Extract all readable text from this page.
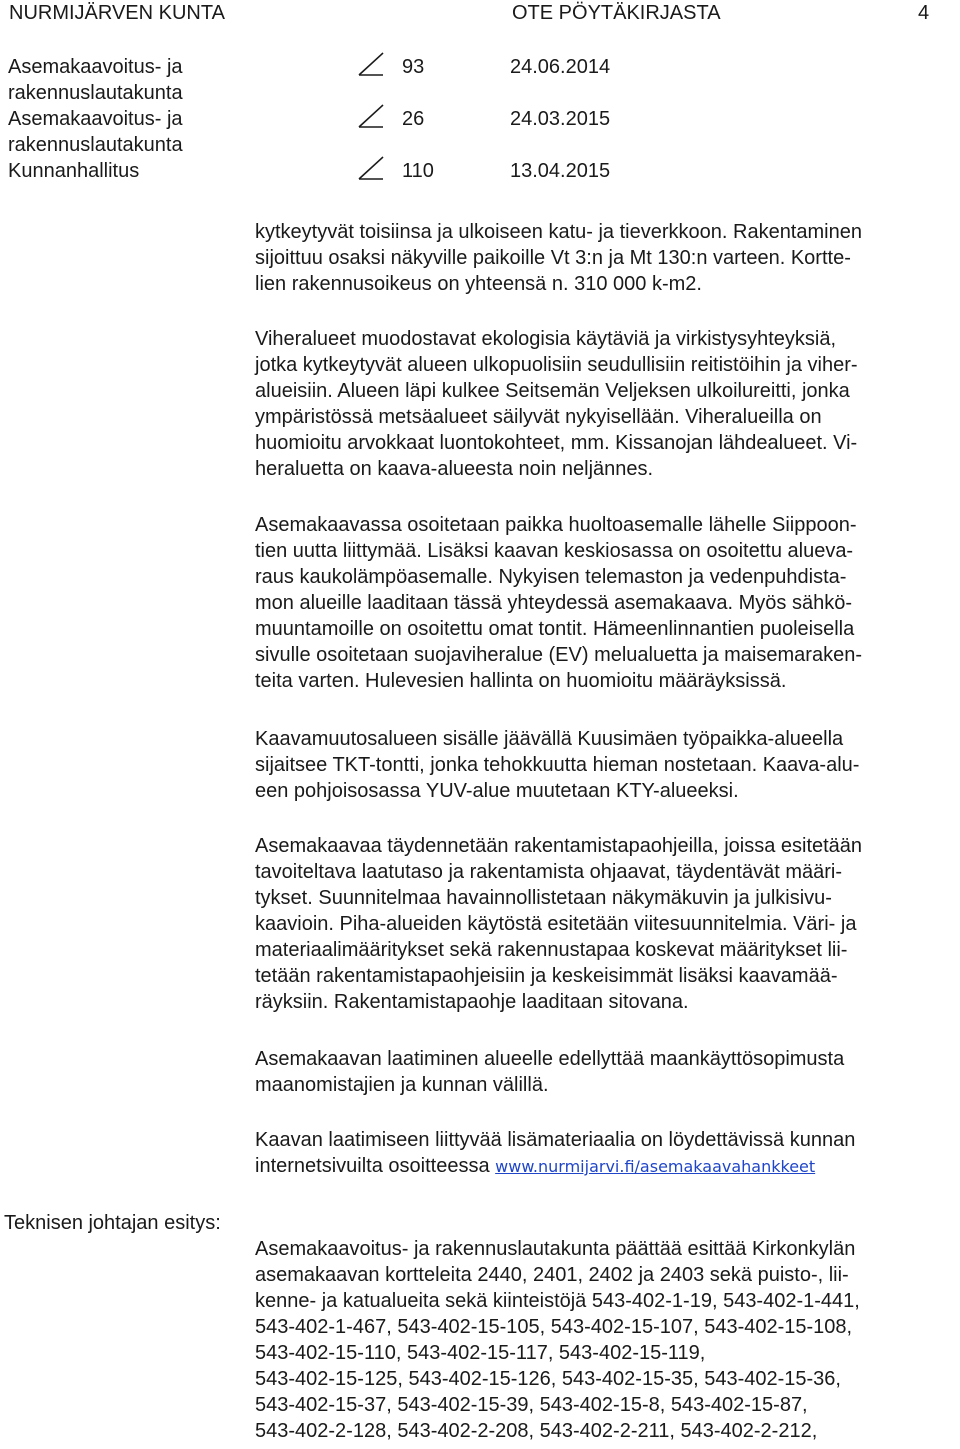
NURMIJÄRVEN KUNTA	OTE PÖYTÄKIRJASTA	4
Asemakaavoitus- ja
rakennuslautakunta
93	24.06.2014
Asemakaavoitus- ja
rakennuslautakunta
26	24.03.2015
Kunnanhallitus	110	13.04.2015
kytkeytyvät toisiinsa ja ulkoiseen katu- ja tieverkkoon. Rakentaminen
sijoittuu osaksi näkyville paikoille Vt 3:n ja Mt 130:n varteen. Kortte-
lien rakennusoikeus on yhteensä n. 310 000 k-m2.
Viheralueet muodostavat ekologisia käytäviä ja virkistysyhteyksiä,
jotka kytkeytyvät alueen ulkopuolisiin seudullisiin reitistöihin ja viher-
alueisiin. Alueen läpi kulkee Seitsemän Veljeksen ulkoilureitti, jonka
ympäristössä metsäalueet säilyvät nykyisellään. Viheralueilla on
huomioitu arvokkaat luontokohteet, mm. Kissanojan lähdealueet. Vi-
heraluetta on kaava-alueesta noin neljännes.
Asemakaavassa osoitetaan paikka huoltoasemalle lähelle Siippoon-
tien uutta liittymää. Lisäksi kaavan keskiosassa on osoitettu alueva-
raus kaukolämpöasemalle. Nykyisen telemaston ja vedenpuhdista-
mon alueille laaditaan tässä yhteydessä asemakaava. Myös sähkö-
muuntamoille on osoitettu omat tontit. Hämeenlinnantien puoleisella
sivulle osoitetaan suojaviheralue (EV) melualuetta ja maisemaraken-
teita varten. Hulevesien hallinta on huomioitu määräyksissä.
Kaavamuutosalueen sisälle jäävällä Kuusimäen työpaikka-alueella
sijaitsee TKT-tontti, jonka tehokkuutta hieman nostetaan. Kaava-alu-
een pohjoisosassa YUV-alue muutetaan KTY-alueeksi.
Asemakaavaa täydennetään rakentamistapaohjeilla, joissa esitetään
tavoiteltava laatutaso ja rakentamista ohjaavat, täydentävät määri-
tykset. Suunnitelmaa havainnollistetaan näkymäkuvin ja julkisivu-
kaavioin. Piha-alueiden käytöstä esitetään viitesuunnitelmia. Väri- ja
materiaalimääritykset sekä rakennustapaa koskevat määritykset lii-
tetään rakentamistapaohjeisiin ja keskeisimmät lisäksi kaavamää-
räyksiin. Rakentamistapaohje laaditaan sitovana.
Asemakaavan laatiminen alueelle edellyttää maankäyttösopimusta
maanomistajien ja kunnan välillä.
Kaavan laatimiseen liittyvää lisämateriaalia on löydettävissä kunnan
internetsivuilta osoitteessa www.nurmijarvi.fi/asemakaavahankkeet
Teknisen johtajan esitys:
Asemakaavoitus- ja rakennuslautakunta päättää esittää Kirkonkylän
asemakaavan kortteleita 2440, 2401, 2402 ja 2403 sekä puisto-, lii-
kenne- ja katualueita sekä kiinteistöjä 543-402-1-19, 543-402-1-441,
543-402-1-467, 543-402-15-105, 543-402-15-107, 543-402-15-108,
543-402-15-110, 543-402-15-117, 543-402-15-119,
543-402-15-125, 543-402-15-126, 543-402-15-35, 543-402-15-36,
543-402-15-37, 543-402-15-39, 543-402-15-8, 543-402-15-87,
543-402-2-128, 543-402-2-208, 543-402-2-211, 543-402-2-212,
